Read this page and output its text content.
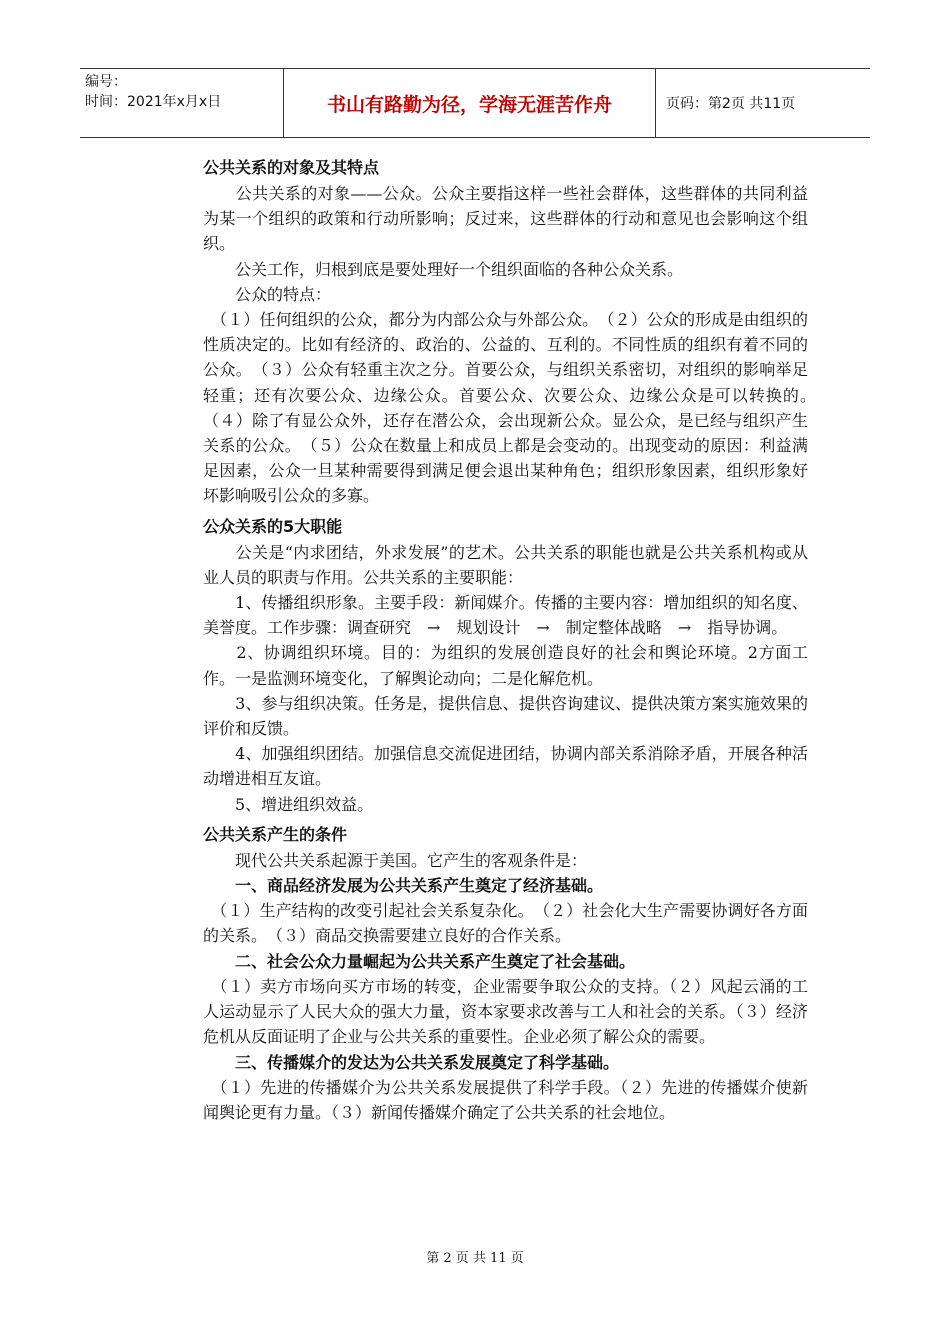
编号：
时间：2021年x月x日	书山有路勤为径，学海无涯苦作舟	页码：第2页 共11页
公共关系的对象及其特点
　　公共关系的对象——公众。公众主要指这样一些社会群体，这些群体的共同利益为某一个组织的政策和行动所影响；反过来，这些群体的行动和意见也会影响这个组织。
　　公关工作，归根到底是要处理好一个组织面临的各种公众关系。
　　公众的特点：
　（１）任何组织的公众，都分为内部公众与外部公众。　（２）公众的形成是由组织的性质决定的。比如有经济的、政治的、公益的、互利的。不同性质的组织有着不同的公众。　（３）公众有轻重主次之分。首要公众，与组织关系密切，对组织的影响举足轻重；还有次要公众、边缘公众。首要公众、次要公众、边缘公众是可以转换的。　（４）除了有显公众外，还存在潜公众，会出现新公众。显公众，是已经与组织产生关系的公众。　（５）公众在数量上和成员上都是会变动的。出现变动的原因：利益满足因素，公众一旦某种需要得到满足便会退出某种角色；组织形象因素，组织形象好坏影响吸引公众的多寡。
公众关系的5大职能
　　公关是“内求团结，外求发展”的艺术。公共关系的职能也就是公共关系机构或从业人员的职责与作用。公共关系的主要职能：
　　1、传播组织形象。主要手段：新闻媒介。传播的主要内容：增加组织的知名度、美誉度。工作步骤：调查研究　→　规划设计　→　制定整体战略　→　指导协调。
　　2、协调组织环境。目的：为组织的发展创造良好的社会和舆论环境。2方面工作。一是监测环境变化，了解舆论动向；二是化解危机。
　　3、参与组织决策。任务是，提供信息、提供咨询建议、提供决策方案实施效果的评价和反馈。
　　4、加强组织团结。加强信息交流促进团结，协调内部关系消除矛盾，开展各种活动增进相互友谊。
　　5、增进组织效益。
公共关系产生的条件
　　现代公共关系起源于美国。它产生的客观条件是：
　　一、商品经济发展为公共关系产生奠定了经济基础。
　（１）生产结构的改变引起社会关系复杂化。　（２）社会化大生产需要协调好各方面的关系。　（３）商品交换需要建立良好的合作关系。
　　二、社会公众力量崛起为公共关系产生奠定了社会基础。
　（１）卖方市场向买方市场的转变，企业需要争取公众的支持。（２）风起云涌的工人运动显示了人民大众的强大力量，资本家要求改善与工人和社会的关系。（３）经济危机从反面证明了企业与公共关系的重要性。企业必须了解公众的需要。
　　三、传播媒介的发达为公共关系发展奠定了科学基础。
　（１）先进的传播媒介为公共关系发展提供了科学手段。（２）先进的传播媒介使新闻舆论更有力量。（３）新闻传播媒介确定了公共关系的社会地位。
第 2 页 共 11 页
